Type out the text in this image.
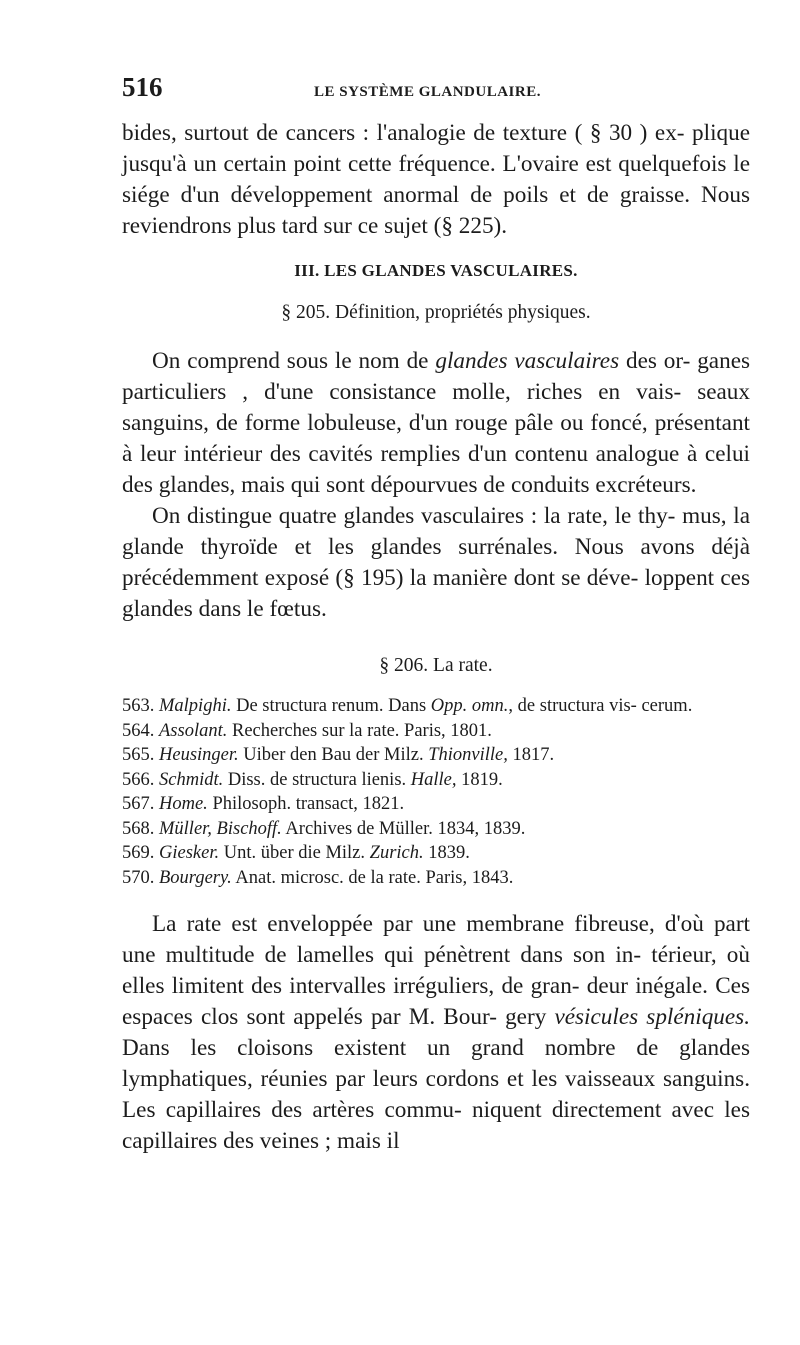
516	LE SYSTÈME GLANDULAIRE.

bides, surtout de cancers : l'analogie de texture ( § 30 ) ex- plique jusqu'à un certain point cette fréquence. L'ovaire est quelquefois le siége d'un développement anormal de poils et de graisse. Nous reviendrons plus tard sur ce sujet (§ 225).

III. LES GLANDES VASCULAIRES.

§ 205. Définition, propriétés physiques.

On comprend sous le nom de glandes vasculaires des or- ganes particuliers , d'une consistance molle, riches en vais- seaux sanguins, de forme lobuleuse, d'un rouge pâle ou foncé, présentant à leur intérieur des cavités remplies d'un contenu analogue à celui des glandes, mais qui sont dépourvues de conduits excréteurs.

On distingue quatre glandes vasculaires : la rate, le thy- mus, la glande thyroïde et les glandes surrénales. Nous avons déjà précédemment exposé (§ 195) la manière dont se déve- loppent ces glandes dans le fœtus.

§ 206. La rate.

563. Malpighi. De structura renum. Dans Opp. omn., de structura vis- cerum.
564. Assolant. Recherches sur la rate. Paris, 1801.
565. Heusinger. Uiber den Bau der Milz. Thionville, 1817.
566. Schmidt. Diss. de structura lienis. Halle, 1819.
567. Home. Philosoph. transact, 1821.
568. Müller, Bischoff. Archives de Müller. 1834, 1839.
569. Giesker. Unt. über die Milz. Zurich. 1839.
570. Bourgery. Anat. microsc. de la rate. Paris, 1843.

La rate est enveloppée par une membrane fibreuse, d'où part une multitude de lamelles qui pénètrent dans son in- térieur, où elles limitent des intervalles irréguliers, de gran- deur inégale. Ces espaces clos sont appelés par M. Bour- gery vésicules spléniques. Dans les cloisons existent un grand nombre de glandes lymphatiques, réunies par leurs cordons et les vaisseaux sanguins. Les capillaires des artères commu- niquent directement avec les capillaires des veines ; mais il
